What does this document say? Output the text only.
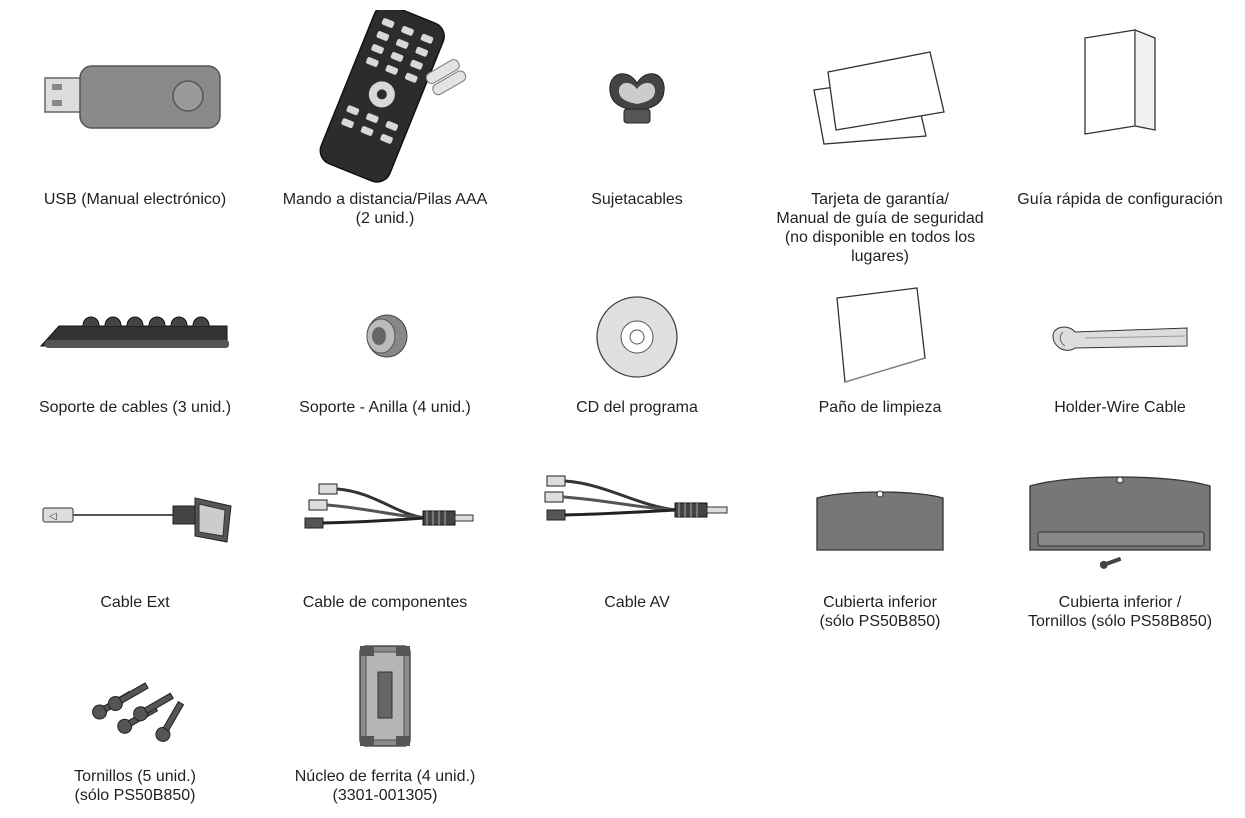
USB (Manual electrónico)	Mando a distancia/Pilas AAA
(2 unid.)
Sujetacables	Tarjeta de garantía/
Manual de guía de seguridad
(no disponible en todos los
lugares)
Guía rápida de configuración
Soporte de cables (3 unid.)	Soporte - Anilla (4 unid.)	CD del programa	Paño de limpieza	Holder-Wire Cable
◁
Cable Ext	Cable de componentes	Cable AV	Cubierta inferior
(sólo PS50B850)
Cubierta inferior /
Tornillos (sólo PS58B850)
Tornillos (5 unid.)
(sólo PS50B850)
Núcleo de ferrita (4 unid.)
(3301-001305)
